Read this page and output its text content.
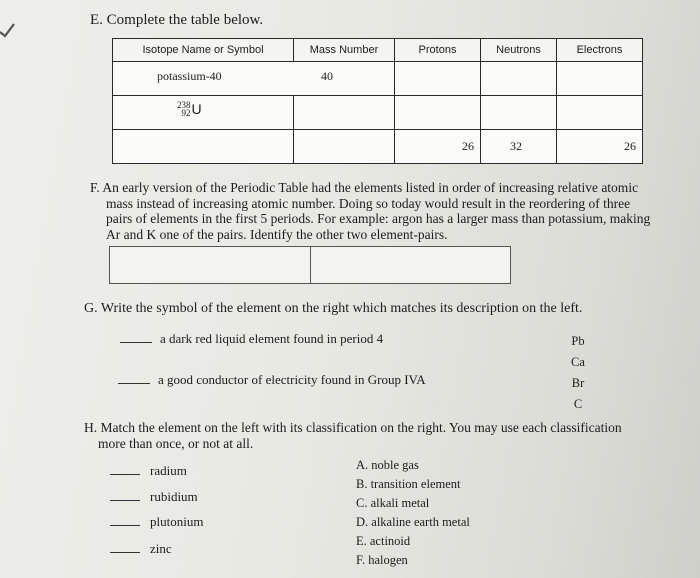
E. Complete the table below.
Isotope Name or Symbol	Mass Number	Protons	Neutrons	Electrons

potassium-40 40				

238
92 U				

		26	32	26
F. An early version of the Periodic Table had the elements listed in order of increasing relative atomic
mass instead of increasing atomic number. Doing so today would result in the reordering of three
pairs of elements in the first 5 periods. For example: argon has a larger mass than potassium, making
Ar and K one of the pairs. Identify the other two element-pairs.
G. Write the symbol of the element on the right which matches its description on the left.
a dark red liquid element found in period 4
a good conductor of electricity found in Group IVA
Pb
Ca
Br
C
H. Match the element on the left with its classification on the right. You may use each classification
more than once, or not at all.
radium
rubidium
plutonium
zinc
A. noble gas
B. transition element
C. alkali metal
D. alkaline earth metal
E. actinoid
F. halogen
